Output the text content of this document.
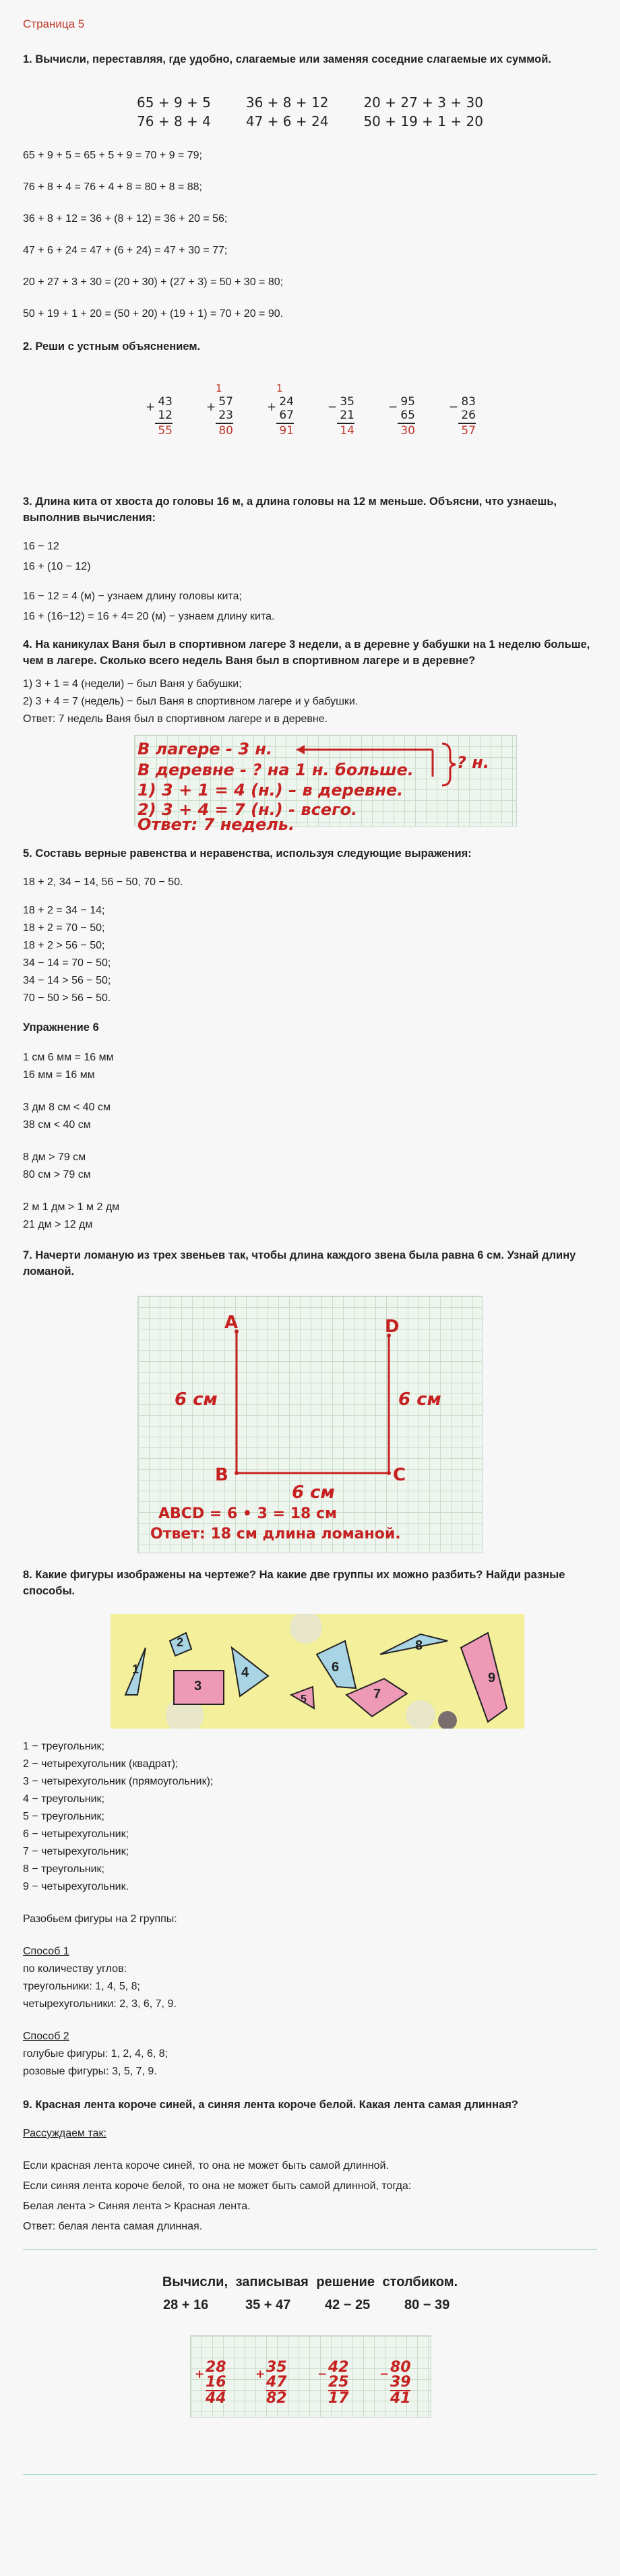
Страница 5

1. Вычисли, переставляя, где удобно, слагаемые или заменяя соседние слагаемые их суммой.

65 + 9 + 5	36 + 8 + 12	20 + 27 + 3 + 30
76 + 8 + 4	47 + 6 + 24	50 + 19 + 1 + 20
65 + 9 + 5 = 65 + 5 + 9 = 70 + 9 = 79;
76 + 8 + 4 = 76 + 4 + 8 = 80 + 8 = 88;
36 + 8 + 12 = 36 + (8 + 12) = 36 + 20 = 56;
47 + 6 + 24 = 47 + (6 + 24) = 47 + 30 = 77;
20 + 27 + 3 + 30 = (20 + 30) + (27 + 3) = 50 + 30 = 80;
50 + 19 + 1 + 20 = (50 + 20) + (19 + 1) = 70 + 20 = 90.

2. Реши с устным объяснением.

+ 43
12
55
1
+ 57
23
80
1
+ 24
67
91
− 35
21
14
− 95
65
30
− 83
26
57

3. Длина кита от хвоста до головы 16 м, а длина головы на 12 м меньше. Объясни, что узнаешь, выполнив вычисления:

16 − 12
16 + (10 − 12)
16 − 12 = 4 (м) − узнаем длину головы кита;
16 + (16−12) = 16 + 4= 20 (м) − узнаем длину кита.

4. На каникулах Ваня был в спортивном лагере 3 недели, а в деревне у бабушки на 1 неделю больше, чем в лагере. Сколько всего недель Ваня был в спортивном лагере и в деревне?

1) 3 + 1 = 4 (недели) − был Ваня у бабушки;
2) 3 + 4 = 7 (недель) − был Ваня в спортивном лагере и у бабушки.
Ответ: 7 недель Ваня был в спортивном лагере и в деревне.
В лагере - 3 н.
В деревне - ? на 1 н. больше.
1) 3 + 1 = 4 (н.) – в деревне.
2) 3 + 4 = 7 (н.) - всего.
Ответ: 7 недель.
? н.

5. Составь верные равенства и неравенства, используя следующие выражения:

18 + 2, 34 − 14, 56 − 50, 70 − 50.
18 + 2 = 34 − 14;
18 + 2 = 70 − 50;
18 + 2 > 56 − 50;
34 − 14 = 70 − 50;
34 − 14 > 56 − 50;
70 − 50 > 56 − 50.

Упражнение 6

1 см 6 мм = 16 мм
16 мм = 16 мм
3 дм 8 см < 40 см
38 см < 40 см
8 дм > 79 см
80 см > 79 см
2 м 1 дм > 1 м 2 дм
21 дм > 12 дм

7. Начерти ломаную из трех звеньев так, чтобы длина каждого звена была равна 6 см. Узнай длину ломаной.

A
B	C
D
6 см	6 см
6 см
ABCD = 6 • 3 = 18 см
Ответ: 18 см длина ломаной.

8. Какие фигуры изображены на чертеже? На какие две группы их можно разбить? Найди разные способы.

1
2
3
4
5
6
7
8
9
1 − треугольник;
2 − четырехугольник (квадрат);
3 − четырехугольник (прямоугольник);
4 − треугольник;
5 − треугольник;
6 − четырехугольник;
7 − четырехугольник;
8 − треугольник;
9 − четырехугольник.
Разобьем фигуры на 2 группы:
Способ 1
по количеству углов:
треугольники: 1, 4, 5, 8;
четырехугольники: 2, 3, 6, 7, 9.
Способ 2
голубые фигуры: 1, 2, 4, 6, 8;
розовые фигуры: 3, 5, 7, 9.

9. Красная лента короче синей, а синяя лента короче белой. Какая лента самая длинная?

Рассуждаем так:
Если красная лента короче синей, то она не может быть самой длинной.
Если синяя лента короче белой, то она не может быть самой длинной, тогда:
Белая лента > Синяя лента > Красная лента.
Ответ: белая лента самая длинная.
Вычисли, записывая решение столбиком.
28 + 16	35 + 47	42 − 25	80 − 39
+ 28
16
44
+ 35
47
82
− 42
25
17
− 80
39
41
